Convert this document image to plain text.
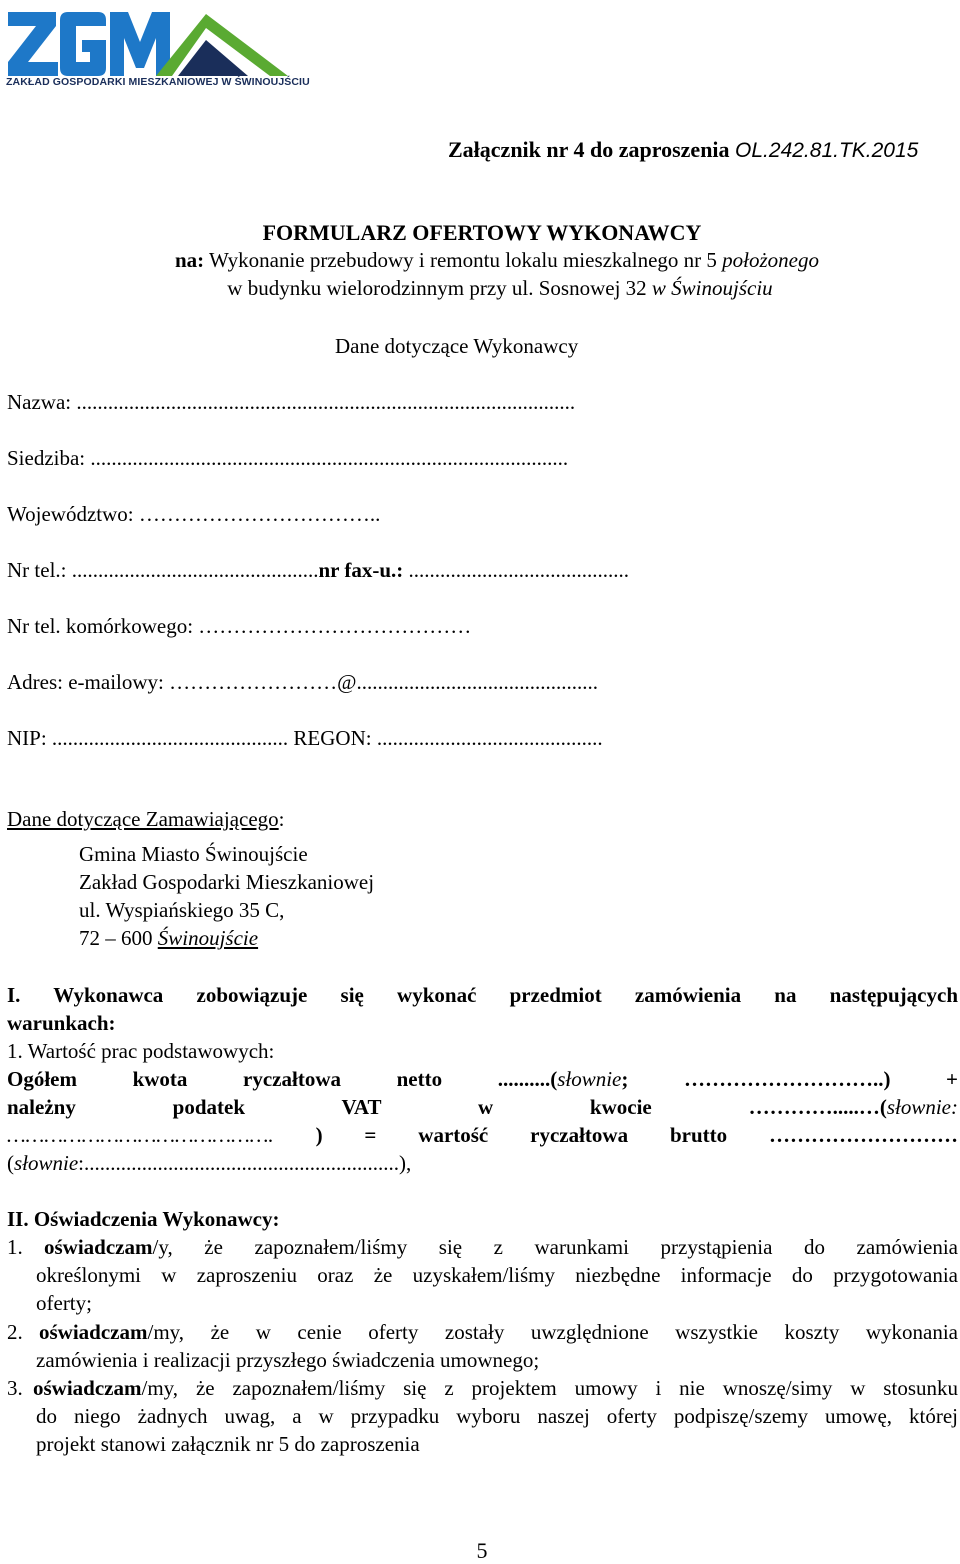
ZAKŁAD GOSPODARKI MIESZKANIOWEJ W ŚWINOUJŚCIU
Załącznik nr 4 do zaproszenia OL.242.81.TK.2015
FORMULARZ OFERTOWY WYKONAWCY
na: Wykonanie przebudowy i remontu lokalu mieszkalnego nr 5 położonego
w budynku wielorodzinnym przy ul. Sosnowej 32 w Świnoujściu
Dane dotyczące Wykonawcy
Nazwa: ...............................................................................................
Siedziba: ...........................................................................................
Województwo: ……………………………..
Nr tel.: ...............................................nr fax-u.: ..........................................
Nr tel. komórkowego: …………………………………
Adres: e-mailowy: ……………………@..............................................
NIP: ............................................. REGON: ...........................................
Dane dotyczące Zamawiającego:
Gmina Miasto Świnoujście
Zakład Gospodarki Mieszkaniowej
ul. Wyspiańskiego 35 C,
72 – 600 Świnoujście
I. Wykonawca zobowiązuje się wykonać przedmiot zamówienia na następujących
warunkach:
1. Wartość prac podstawowych:
Ogółem kwota ryczałtowa netto	..........(słownie; ………………………..) +
należny podatek VAT w kwocie	………….....…(słownie:
……………………………………. ) = wartość ryczałtowa brutto ………………………
(słownie:............................................................),
II. Oświadczenia Wykonawcy:
1. oświadczam/y, że zapoznałem/liśmy się z warunkami przystąpienia do zamówienia
określonymi w zaproszeniu oraz że uzyskałem/liśmy niezbędne informacje do przygotowania
oferty;
2. oświadczam/my, że w cenie oferty zostały uwzględnione wszystkie koszty wykonania
zamówienia i realizacji przyszłego świadczenia umownego;
3. oświadczam/my, że zapoznałem/liśmy się z projektem umowy i nie wnoszę/simy w stosunku
do niego żadnych uwag, a w przypadku wyboru naszej oferty podpiszę/szemy umowę, której
projekt stanowi załącznik nr 5 do zaproszenia
5
